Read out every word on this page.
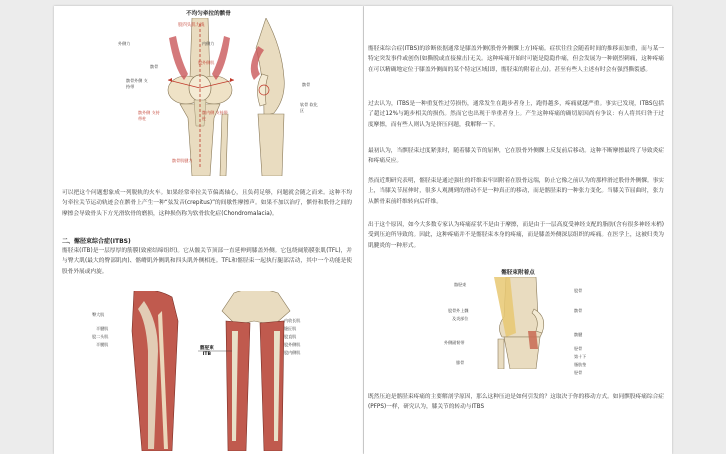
不均匀牵拉的髌骨
股四头肌力线
外侧力	内侧力
髌骨
髌骨外侧 支持带
股外侧肌
髌外侧 支持带柱
髌内侧 支持带柱
髌骨肌腱力
髌骨
软骨 软化区

可以把这个问题想象成一列脱轨的火车。如果经常牵拉关节偏离轴心，且负荷足够，问题就会随之而来。这种不均匀牵拉关节运动轨迹会在髌骨上产生一种“弦发音(crepitus)”的间歇性摩擦声。如果不加以治疗，髌骨和股骨之间的摩擦会导致骨头下方光滑软骨的磨损，这种损伤称为软骨软化症(Chondromalacia)。

二、髂胫束综合症(ITBS)

髂胫束(ITB)是一层厚厚的筋膜(致密结缔组织)。它从髋关节顶部一直延伸到膝盖外侧。它包绕阔筋膜张肌(TFL)，并与臀大肌(最大的臀部肌肉)、髂嵴肌外侧肌和四头肌外侧相连。TFL和髂胫束一起执行腿部活动，其中一个功能是使股骨外展或内旋。

臀大肌
半腱肌
股二头肌
半膜肌
髂胫束
ITB
内收长肌
缝匠肌
股直肌
股外侧肌
股内侧肌

髂胫束综合症(ITBS)的诊断依据通常是膝盖外侧(股骨外侧髁上方)疼痛。症状往往会随着时间的推移而加重，而与某一特定突发事件或创伤(如撕脱或直接撞击)无关。这种疼痛开始时可能是隐隐作痛，但会发展为一种剧烈刺痛，这种疼痛在可以精确地定位于膝盖外侧面的某个特定区域(即，髂胫束的附着止点)。甚至有些人主述有时会有强烈撕裂感。

过去认为，ITBS是一种重复性过劳损伤，通常发生在跑步者身上，跑得越多，疼痛就越严重。事实已发现，ITBS包括了超过12%与跑步相关的损伤。然而它也出现于举重者身上。产生这种疼痛的确切原因尚有争议：有人将其归咎于过度摩擦，而有些人则认为是挤压问题，我解释一下。

最初认为，当髌胫束过度紧张时，随着膝关节的屈伸，它在股骨外侧髁上反复前后移动。这种不断摩擦最终了导致炎症和疼痛反应。

然而近期研究表明，髂胫束是通过强壮的纤维束牢固附着在股骨远端，防止它像之前认为的那样滑过股骨外侧髁。事实上，当膝关节屈伸时，很多人观测到的滑动不是一种真正的移动，而是髂胫束的一种张力变化。当膝关节屈曲时，张力从髌骨束前纤维转向后纤维。

出于这个原因，如今大多数专家认为疼痛症状不是由于摩擦，而是由于一层高度受神经支配的脂肪(含有很多神经末梢)受到压迫所导致的。因此，这种疼痛并不是髂胫束本身的疼痛，而是膝盖外侧深层组织的疼痛。在医学上，这被归类为肌腱炎的一种形式。

髂胫束附着点
髂胫束
股骨外上髁
及炎部位
外侧副韧带
腓骨
股骨
髌骨
髌腱
胫骨
第十下
脂肪垫
胫骨

既然压迫是髂胫束疼痛的主要解剖学原因，那么这种压迫是如何引发的？这取决于你的移动方式。如同髌股疼痛综合症(PFPS)一样，研究认为，膝关节的转动与ITBS
